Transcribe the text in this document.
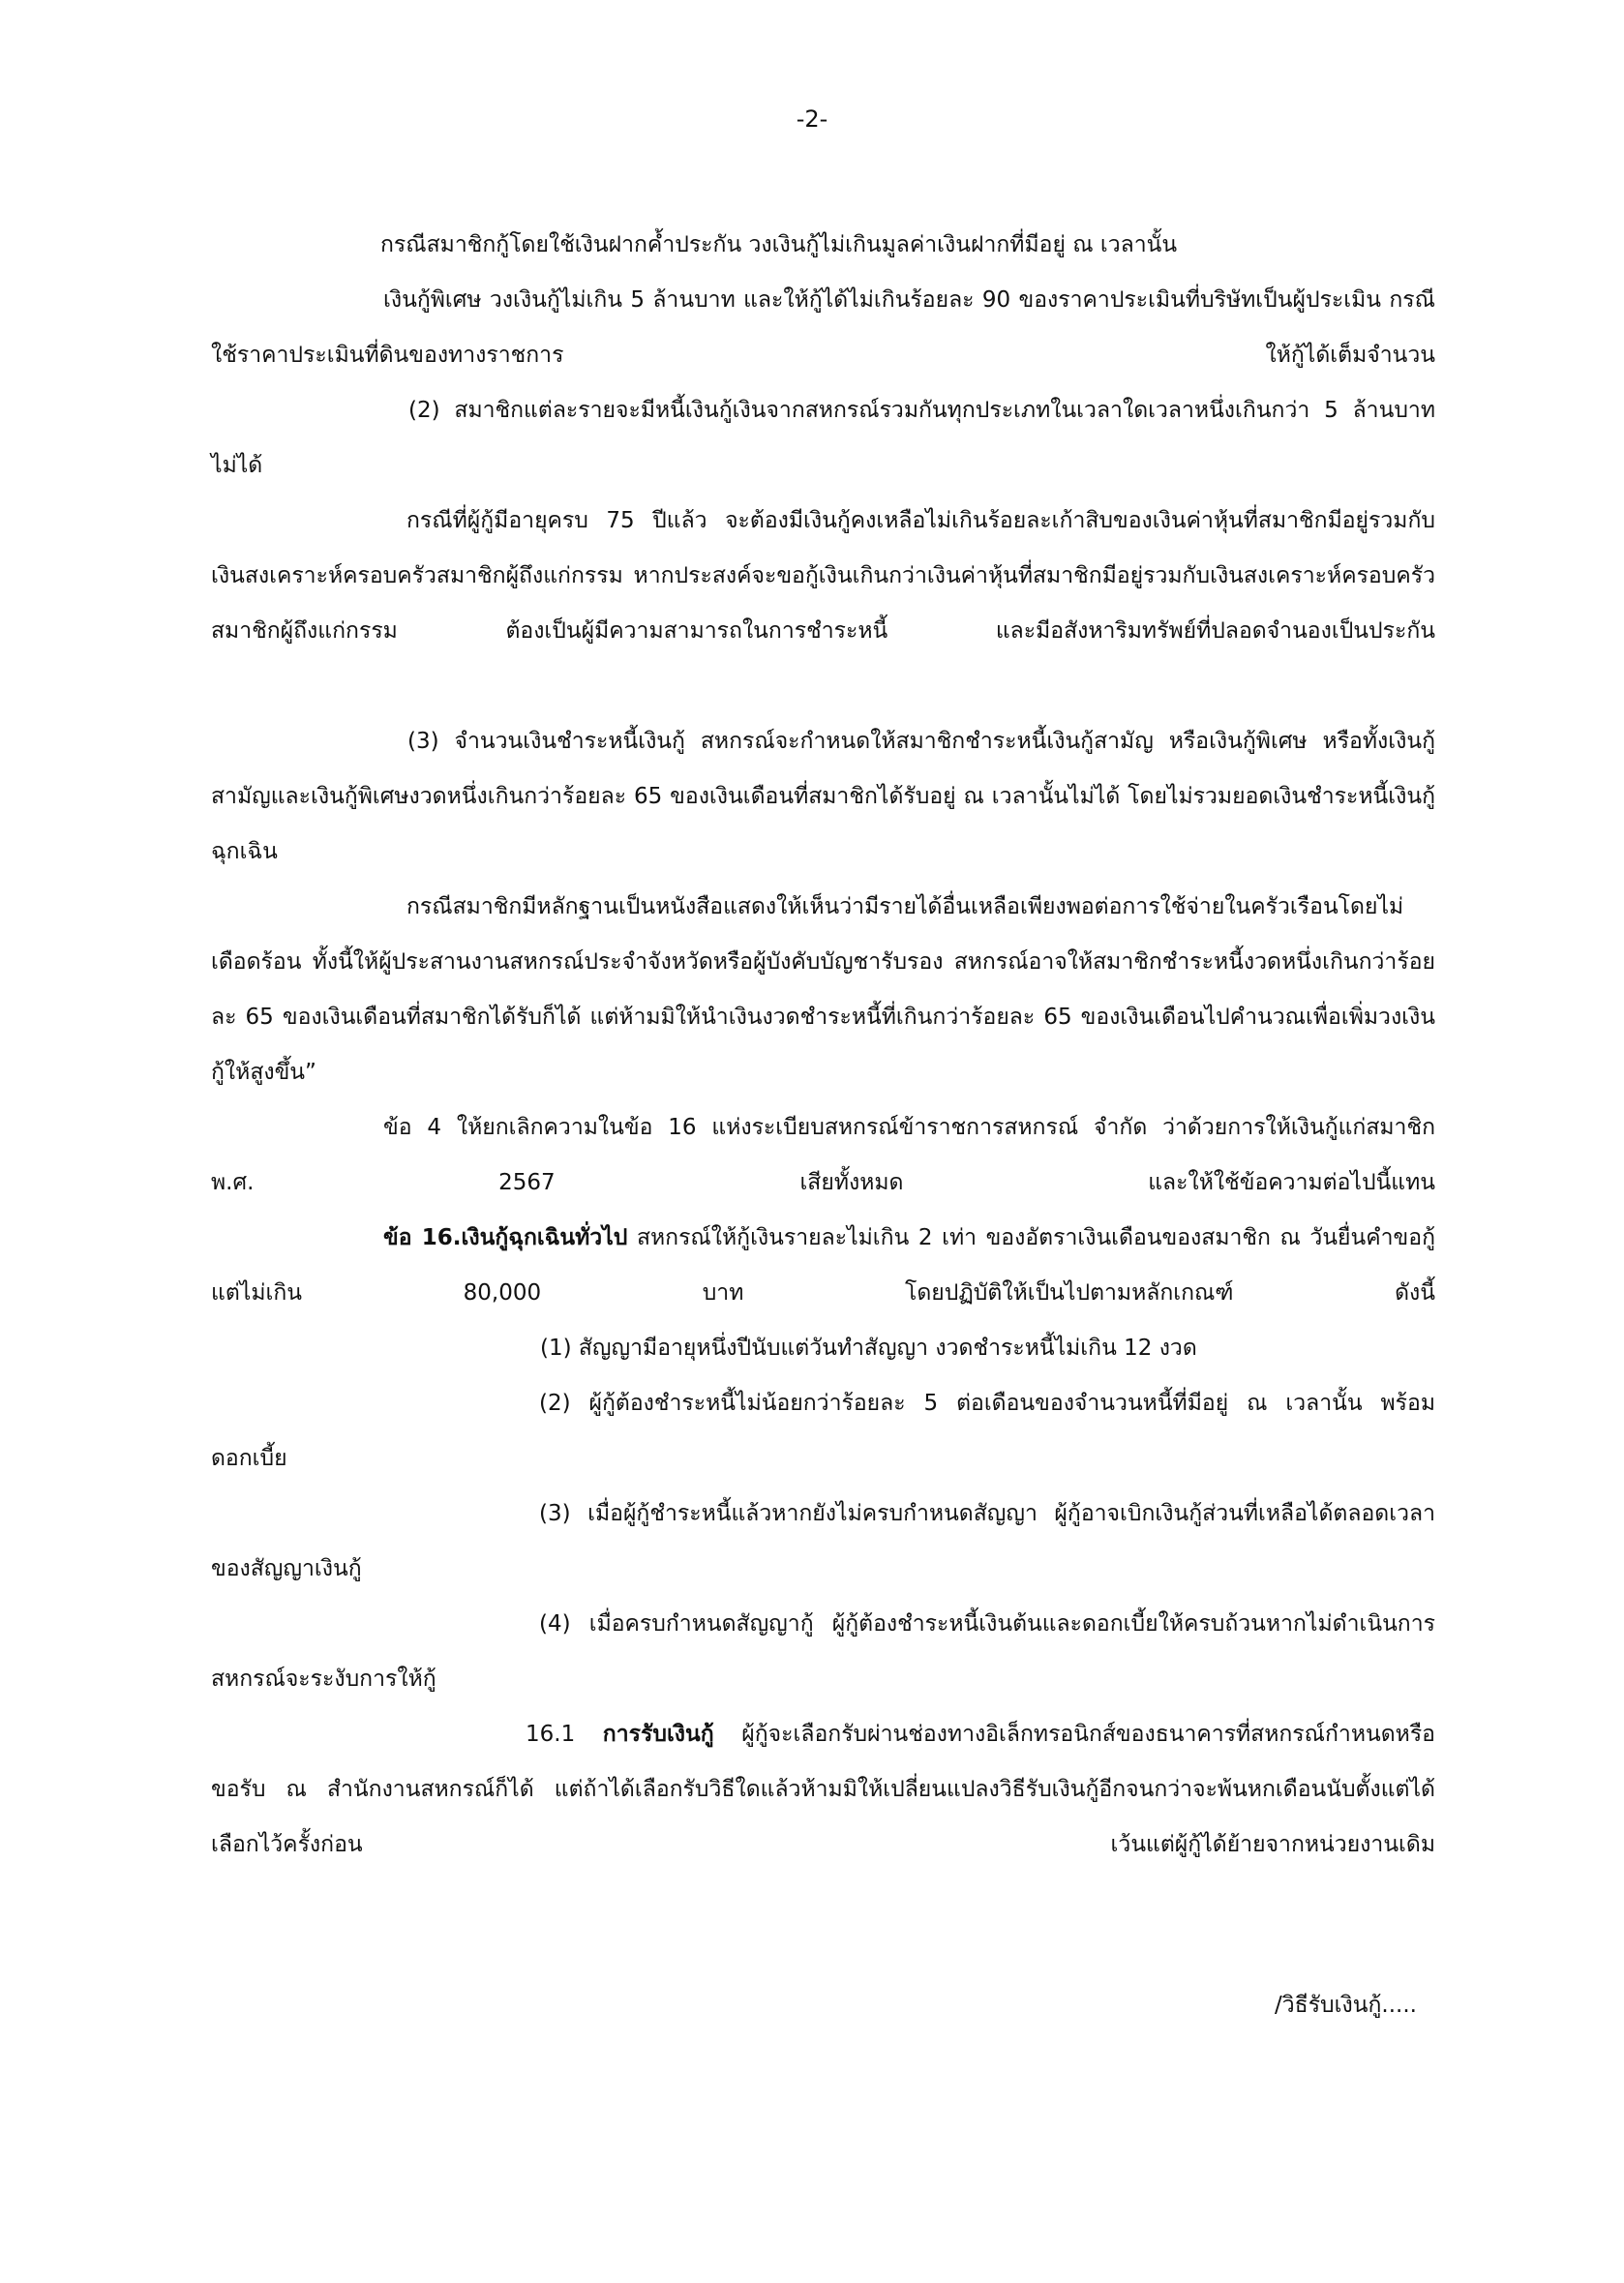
-2-

กรณีสมาชิกกู้โดยใช้เงินฝากค้ำประกัน วงเงินกู้ไม่เกินมูลค่าเงินฝากที่มีอยู่ ณ เวลานั้น

เงินกู้พิเศษ วงเงินกู้ไม่เกิน 5 ล้านบาท และให้กู้ได้ไม่เกินร้อยละ 90 ของราคาประเมินที่บริษัทเป็นผู้ประเมิน กรณีใช้ราคาประเมินที่ดินของทางราชการ ให้กู้ได้เต็มจำนวน

(2) สมาชิกแต่ละรายจะมีหนี้เงินกู้เงินจากสหกรณ์รวมกันทุกประเภทในเวลาใดเวลาหนึ่งเกินกว่า 5 ล้านบาท ไม่ได้

กรณีที่ผู้กู้มีอายุครบ 75 ปีแล้ว จะต้องมีเงินกู้คงเหลือไม่เกินร้อยละเก้าสิบของเงินค่าหุ้นที่สมาชิกมีอยู่รวมกับเงินสงเคราะห์ครอบครัวสมาชิกผู้ถึงแก่กรรม หากประสงค์จะขอกู้เงินเกินกว่าเงินค่าหุ้นที่สมาชิกมีอยู่รวมกับเงินสงเคราะห์ครอบครัวสมาชิกผู้ถึงแก่กรรม ต้องเป็นผู้มีความสามารถในการชำระหนี้ และมีอสังหาริมทรัพย์ที่ปลอดจำนองเป็นประกัน

(3) จำนวนเงินชำระหนี้เงินกู้ สหกรณ์จะกำหนดให้สมาชิกชำระหนี้เงินกู้สามัญ หรือเงินกู้พิเศษ หรือทั้งเงินกู้สามัญและเงินกู้พิเศษงวดหนึ่งเกินกว่าร้อยละ 65 ของเงินเดือนที่สมาชิกได้รับอยู่ ณ เวลานั้นไม่ได้ โดยไม่รวมยอดเงินชำระหนี้เงินกู้ฉุกเฉิน

กรณีสมาชิกมีหลักฐานเป็นหนังสือแสดงให้เห็นว่ามีรายได้อื่นเหลือเพียงพอต่อการใช้จ่ายในครัวเรือนโดยไม่เดือดร้อน ทั้งนี้ให้ผู้ประสานงานสหกรณ์ประจำจังหวัดหรือผู้บังคับบัญชารับรอง สหกรณ์อาจให้สมาชิกชำระหนี้งวดหนึ่งเกินกว่าร้อยละ 65 ของเงินเดือนที่สมาชิกได้รับก็ได้ แต่ห้ามมิให้นำเงินงวดชำระหนี้ที่เกินกว่าร้อยละ 65 ของเงินเดือนไปคำนวณเพื่อเพิ่มวงเงินกู้ให้สูงขึ้น”

ข้อ 4 ให้ยกเลิกความในข้อ 16 แห่งระเบียบสหกรณ์ข้าราชการสหกรณ์ จำกัด ว่าด้วยการให้เงินกู้แก่สมาชิก พ.ศ. 2567 เสียทั้งหมด และให้ใช้ข้อความต่อไปนี้แทน

ข้อ 16.เงินกู้ฉุกเฉินทั่วไป สหกรณ์ให้กู้เงินรายละไม่เกิน 2 เท่า ของอัตราเงินเดือนของสมาชิก ณ วันยื่นคำขอกู้ แต่ไม่เกิน 80,000 บาท โดยปฏิบัติให้เป็นไปตามหลักเกณฑ์ ดังนี้

(1) สัญญามีอายุหนึ่งปีนับแต่วันทำสัญญา งวดชำระหนี้ไม่เกิน 12 งวด

(2) ผู้กู้ต้องชำระหนี้ไม่น้อยกว่าร้อยละ 5 ต่อเดือนของจำนวนหนี้ที่มีอยู่ ณ เวลานั้น พร้อมดอกเบี้ย

(3) เมื่อผู้กู้ชำระหนี้แล้วหากยังไม่ครบกำหนดสัญญา ผู้กู้อาจเบิกเงินกู้ส่วนที่เหลือได้ตลอดเวลาของสัญญาเงินกู้

(4) เมื่อครบกำหนดสัญญากู้ ผู้กู้ต้องชำระหนี้เงินต้นและดอกเบี้ยให้ครบถ้วนหากไม่ดำเนินการ สหกรณ์จะระงับการให้กู้

16.1 การรับเงินกู้ ผู้กู้จะเลือกรับผ่านช่องทางอิเล็กทรอนิกส์ของธนาคารที่สหกรณ์กำหนดหรือขอรับ ณ สำนักงานสหกรณ์ก็ได้ แต่ถ้าได้เลือกรับวิธีใดแล้วห้ามมิให้เปลี่ยนแปลงวิธีรับเงินกู้อีกจนกว่าจะพ้นหกเดือนนับตั้งแต่ได้เลือกไว้ครั้งก่อน เว้นแต่ผู้กู้ได้ย้ายจากหน่วยงานเดิม

/วิธีรับเงินกู้.....
